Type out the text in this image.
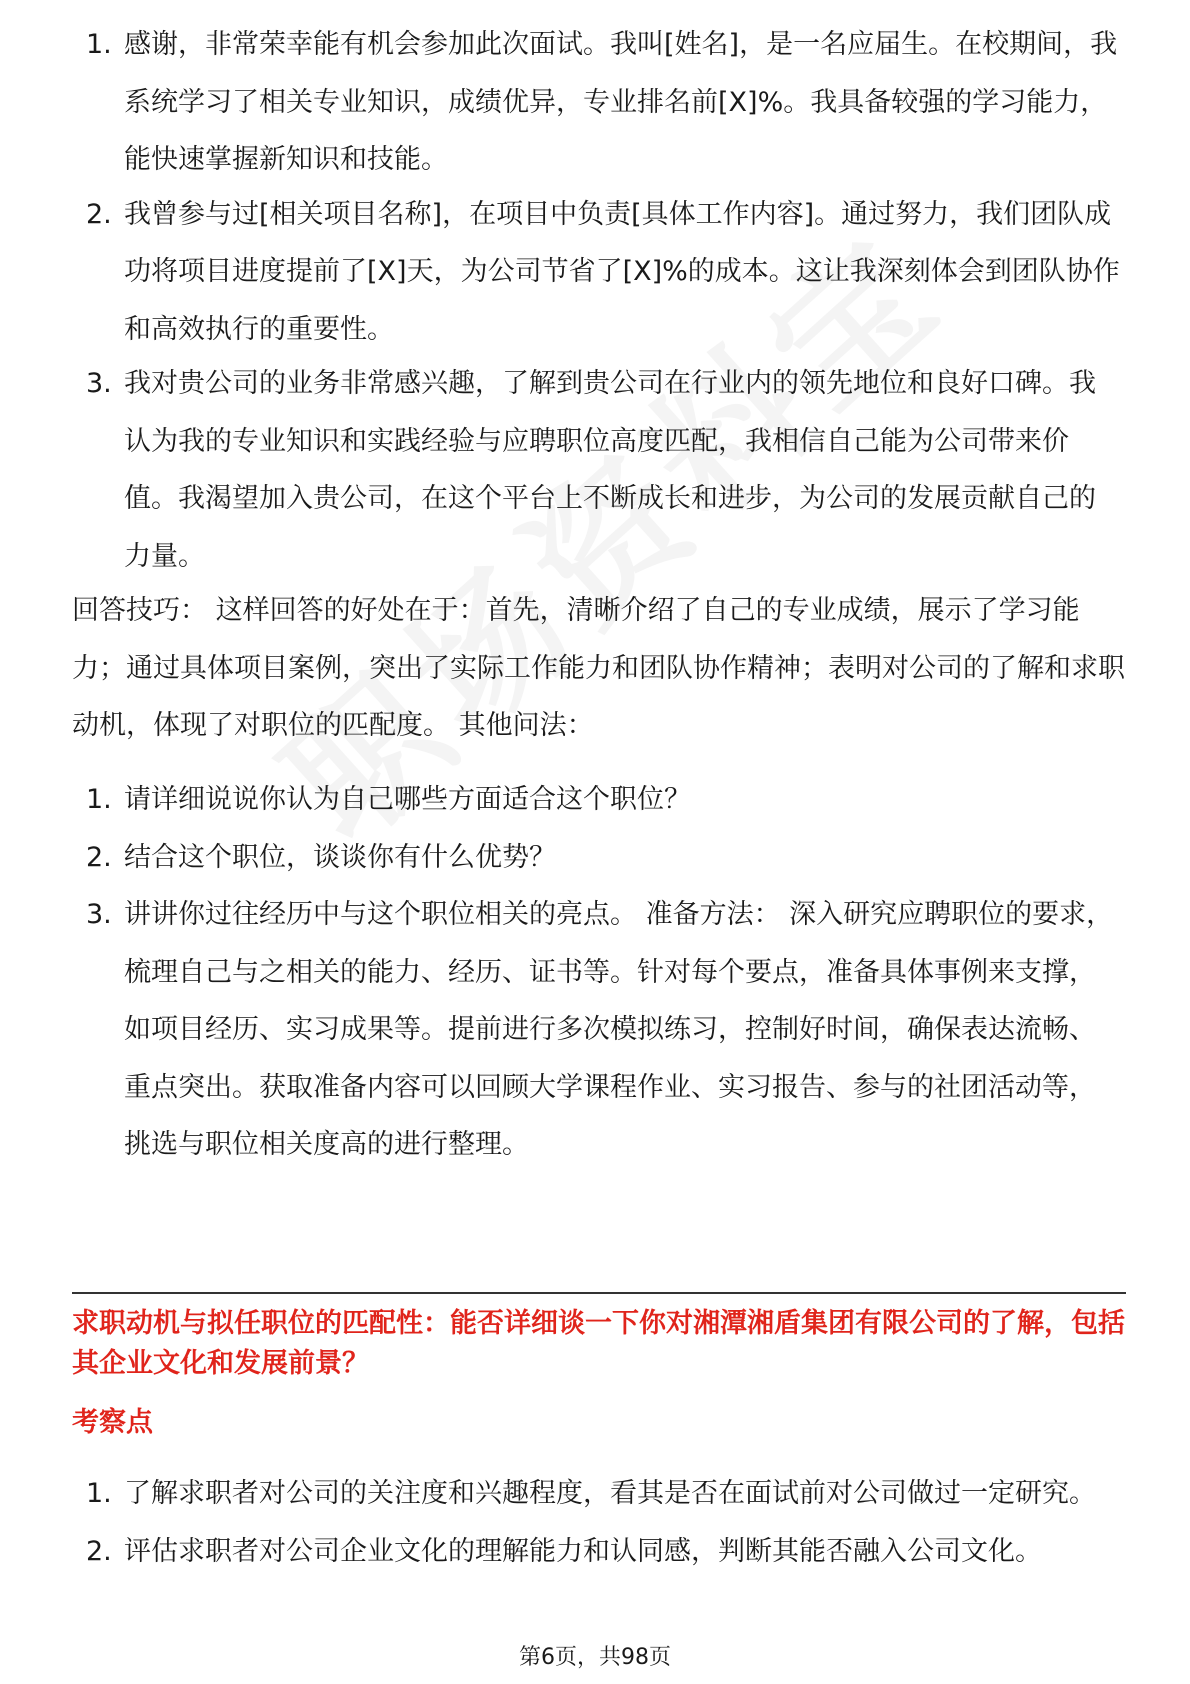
1. 感谢，非常荣幸能有机会参加此次面试。我叫[姓名]，是一名应届生。在校期间，我系统学习了相关专业知识，成绩优异，专业排名前[X]%。我具备较强的学习能力，能快速掌握新知识和技能。
2. 我曾参与过[相关项目名称]，在项目中负责[具体工作内容]。通过努力，我们团队成功将项目进度提前了[X]天，为公司节省了[X]%的成本。这让我深刻体会到团队协作和高效执行的重要性。
3. 我对贵公司的业务非常感兴趣，了解到贵公司在行业内的领先地位和良好口碑。我认为我的专业知识和实践经验与应聘职位高度匹配，我相信自己能为公司带来价值。我渴望加入贵公司，在这个平台上不断成长和进步，为公司的发展贡献自己的力量。

回答技巧： 这样回答的好处在于：首先，清晰介绍了自己的专业成绩，展示了学习能力；通过具体项目案例，突出了实际工作能力和团队协作精神；表明对公司的了解和求职动机，体现了对职位的匹配度。 其他问法：

1. 请详细说说你认为自己哪些方面适合这个职位？
2. 结合这个职位，谈谈你有什么优势？
3. 讲讲你过往经历中与这个职位相关的亮点。 准备方法： 深入研究应聘职位的要求，梳理自己与之相关的能力、经历、证书等。针对每个要点，准备具体事例来支撑，如项目经历、实习成果等。提前进行多次模拟练习，控制好时间，确保表达流畅、重点突出。获取准备内容可以回顾大学课程作业、实习报告、参与的社团活动等，挑选与职位相关度高的进行整理。

求职动机与拟任职位的匹配性：能否详细谈一下你对湘潭湘盾集团有限公司的了解，包括其企业文化和发展前景？

考察点

1. 了解求职者对公司的关注度和兴趣程度，看其是否在面试前对公司做过一定研究。
2. 评估求职者对公司企业文化的理解能力和认同感，判断其能否融入公司文化。
第6页，共98页
